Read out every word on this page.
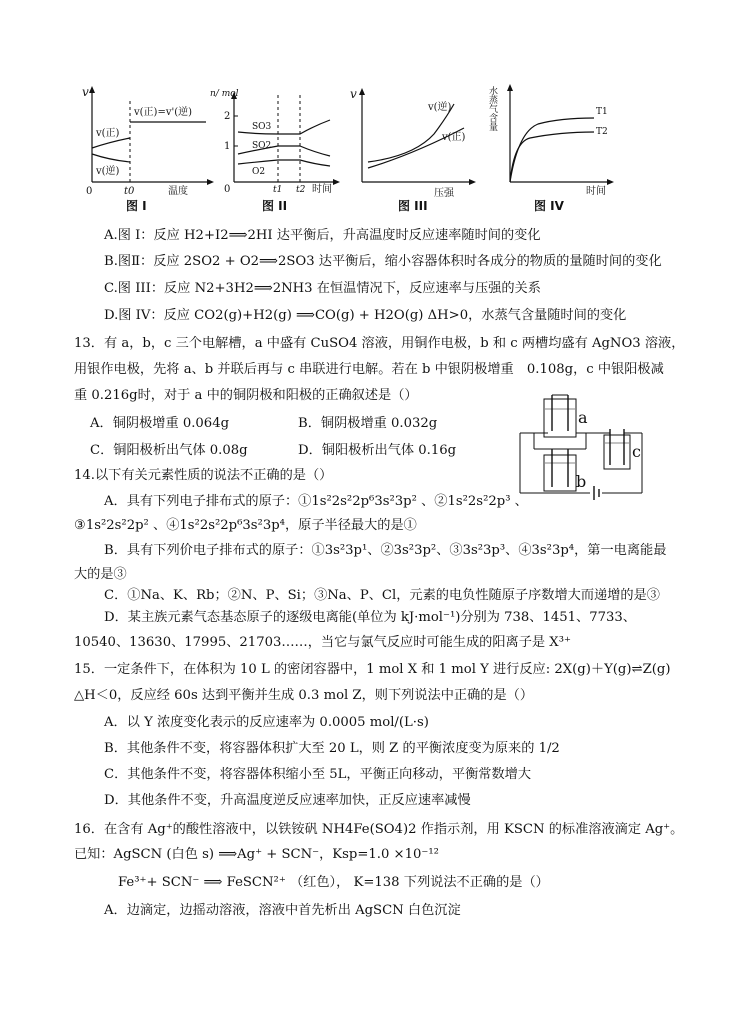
v
0	t0	温度
v(正)=v'(逆)
v(正)
v(逆)
图 I
n/ mol
2
1
0
SO3
SO2
O2
t1 t2 时间
图 II
v
v(逆)
v(正)
压强
图 III
水蒸气含量	T1
T2
时间
图 IV
A.图 I：反应 H2+I2⟹2HI 达平衡后，升高温度时反应速率随时间的变化
B.图Ⅱ：反应 2SO2 + O2⟹2SO3 达平衡后，缩小容器体积时各成分的物质的量随时间的变化
C.图 III：反应 N2+3H2⟹2NH3 在恒温情况下，反应速率与压强的关系
D.图 IV：反应 CO2(g)+H2(g) ⟹CO(g) + H2O(g) ΔH>0，水蒸气含量随时间的变化
13．有 a，b，c 三个电解槽，a 中盛有 CuSO4 溶液，用铜作电极，b 和 c 两槽均盛有 AgNO3 溶液，
用银作电极，先将 a、b 并联后再与 c 串联进行电解。若在 b 中银阴极增重　0.108g，c 中银阳极减
重 0.216g时，对于 a 中的铜阴极和阳极的正确叙述是（）
A．铜阴极增重 0.064g	B．铜阴极增重 0.032g
C．铜阳极析出气体 0.08g	D．铜阳极析出气体 0.16g
a
b
c
14.以下有关元素性质的说法不正确的是（）
A．具有下列电子排布式的原子：①1s²2s²2p⁶3s²3p² 、②1s²2s²2p³ 、
③1s²2s²2p² 、④1s²2s²2p⁶3s²3p⁴，原子半径最大的是①
B．具有下列价电子排布式的原子：①3s²3p¹、②3s²3p²、③3s²3p³、④3s²3p⁴，第一电离能最
大的是③
C．①Na、K、Rb；②N、P、Si；③Na、P、Cl，元素的电负性随原子序数增大而递增的是③
D．某主族元素气态基态原子的逐级电离能(单位为 kJ·mol⁻¹)分别为 738、1451、7733、
10540、13630、17995、21703……，当它与氯气反应时可能生成的阳离子是 X³⁺
15．一定条件下，在体积为 10 L 的密闭容器中，1 mol X 和 1 mol Y 进行反应: 2X(g)＋Y(g)⇌Z(g)
△H＜0，反应经 60s 达到平衡并生成 0.3 mol Z，则下列说法中正确的是（）
A．以 Y 浓度变化表示的反应速率为 0.0005 mol/(L·s)
B．其他条件不变，将容器体积扩大至 20 L，则 Z 的平衡浓度变为原来的 1/2
C．其他条件不变，将容器体积缩小至 5L，平衡正向移动，平衡常数增大
D．其他条件不变，升高温度逆反应速率加快，正反应速率减慢
16．在含有 Ag⁺的酸性溶液中，以铁铵矾 NH4Fe(SO4)2 作指示剂，用 KSCN 的标准溶液滴定 Ag⁺。
已知：AgSCN (白色 s) ⟹Ag⁺ + SCN⁻，Ksp=1.0 ×10⁻¹²
Fe³⁺+ SCN⁻ ⟹ FeSCN²⁺ （红色）， K=138 下列说法不正确的是（）
A．边滴定，边摇动溶液，溶液中首先析出 AgSCN 白色沉淀
